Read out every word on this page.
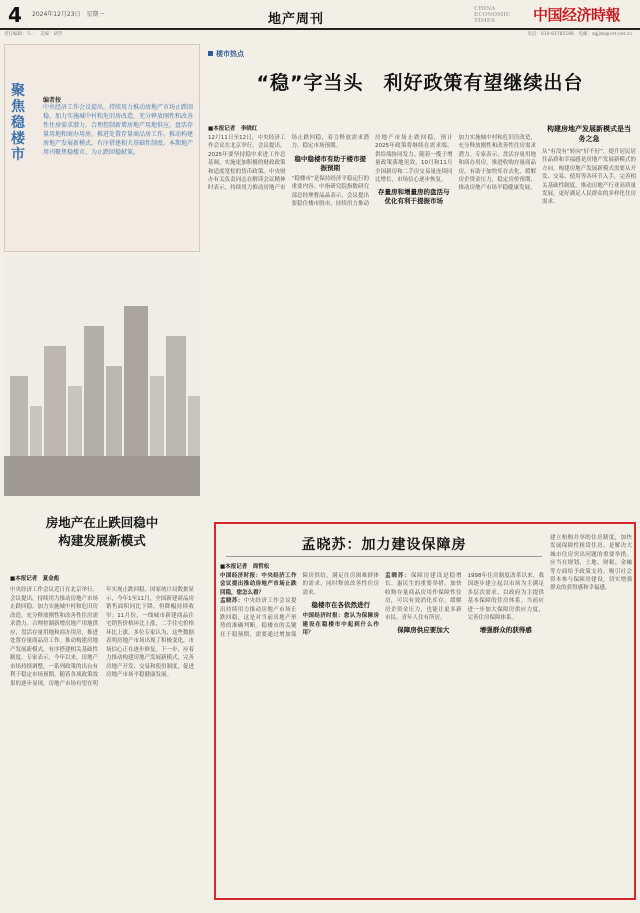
4 2024年12月23日　星期一	地产周刊
CHINA
ECONOMIC
TIMES	中国经济時報
责任编辑：马一　美编：胡芳	电话：010-81785186　电邮：zgjjsb@cet.net.cn
聚焦稳楼市
编者按
中央经济工作会议提出，持续用力推动房地产市场止跌回稳，加力实施城中村和危旧房改造，充分释放刚性和改善性住房需求潜力。合理控制新增房地产用地供应，盘活存量用地和商办用房，推进处置存量商品房工作。推动构建房地产发展新模式，有序搭建相关基础性制度。本期地产周刊聚焦稳楼市，为止跌回稳献策。
房地产在止跌回稳中
构建发展新模式
■本报记者　夏金彪
中央经济工作会议近日在北京举行。会议提出，持续用力推动房地产市场止跌回稳，加力实施城中村和危旧房改造，充分释放刚性和改善性住房需求潜力。合理控制新增房地产用地供应，盘活存量用地和商办用房，推进处置存量商品房工作。推动构建房地产发展新模式，有序搭建相关基础性制度。专家表示，今年以来，房地产市场持续调整，一系列政策的出台有利于稳定市场预期。随着各项政策效果的逐步显现，房地产市场有望在明年实现止跌回稳。国家统计局数据显示，今年1至11月，全国新建商品房销售面积同比下降，但降幅持续收窄；11月份，一线城市新建商品住宅销售价格环比上涨，二手住宅价格环比上涨。多位专家认为，这些数据表明房地产市场出现了积极变化，市场信心正在逐步修复。下一步，应着力推动构建房地产发展新模式，完善房地产开发、交易和使用制度，促进房地产市场平稳健康发展。
楼市热点
“稳”字当头　利好政策有望继续出台
■本报记者　李晓红

12月11日至12日，中央经济工作会议在北京举行。会议提出，2025年要坚持稳中求进工作总基调，实施更加积极的财政政策和适度宽松的货币政策。中央财办有关负责同志在解读会议精神时表示，持续用力推动房地产市场止跌回稳，着力释放需求潜力，稳定市场预期。

稳中稳楼市有助于楼市提振预期

“稳楼市”是保持经济平稳运行的重要内容。中指研究院指数研究部总经理曹晶晶表示，会议提出要稳住楼市股市，持续用力推动房地产市场止跌回稳，预计2025年政策将继续在需求端、供给端协同发力。随着一揽子增量政策落地见效，10月和11月全国新房和二手房交易量连续同比增长，市场信心逐步恢复。

存量房和增量房的盘活与优化有利于提振市场

加力实施城中村和危旧房改造，充分释放刚性和改善性住房需求潜力。专家表示，盘活存量用地和商办用房，推进收购存量商品房，有助于加快库存去化，缓解房企资金压力，稳定房价预期，推动房地产市场平稳健康发展。

构建房地产发展新模式是当
务之急
从“有没有”转向“好不好”，提升居民居住品质和幸福感是房地产发展新模式的方向。构建房地产发展新模式需要从开发、交易、使用等各环节入手，完善相关基础性制度，推动房地产行业高质量发展，更好满足人民群众的多样化住房需求。
孟晓苏：加力建设保障房
■本报记者　周哲松

中国经济时报：中央经济工作会议提出推动房地产市场止跌回稳，您怎么看？

孟晓苏：中央经济工作会议提出持续用力推动房地产市场止跌回稳，这是对当前房地产形势的准确判断。稳楼市的关键在于稳预期，需要通过增加保障房供给，满足住房困难群体的需求，同时释放改善性住房需求。

稳楼市在各依然进行

中国经济时报：您认为保障房建设在稳楼市中起到什么作用？

孟晓苏：保障房建设是稳增长、惠民生的重要举措。加快收购存量商品房用作保障性住房，可以有效消化库存，缓解房企资金压力，也能让更多新市民、青年人住有所居。

保障房供应要加大

1998年住房制度改革以来，我国逐步建立起以市场为主满足多层次需求、以政府为主提供基本保障的住房体系。当前应进一步加大保障房供应力度，完善住房保障体系。

增强群众的获得感
建立租购并举的住房制度，加快发展保障性租赁住房，是解决大城市住房突出问题的重要举措。应当在规划、土地、财税、金融等方面给予政策支持，吸引社会资本参与保障房建设，切实增强群众的获得感和幸福感。
